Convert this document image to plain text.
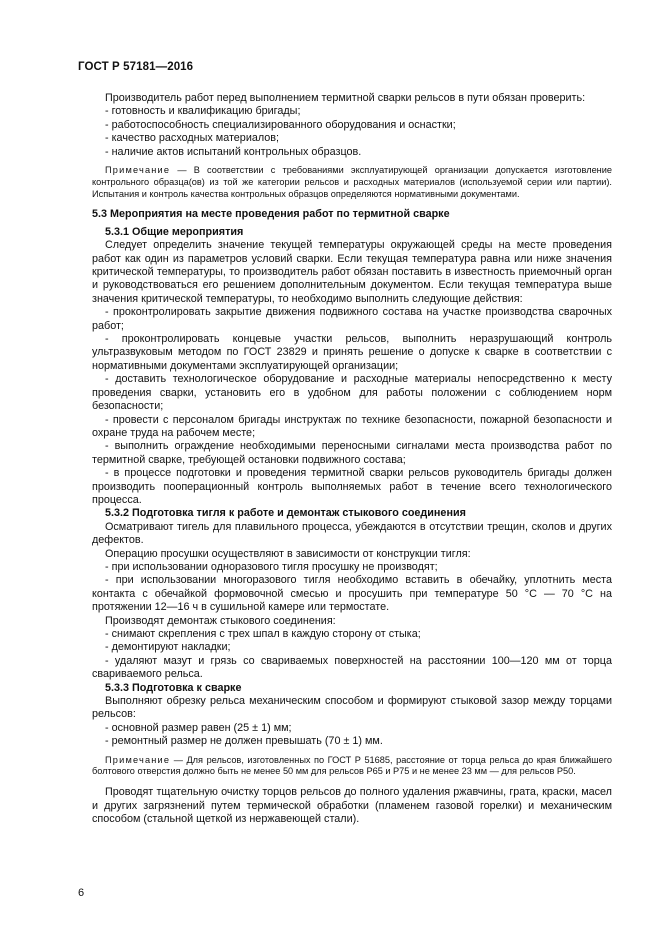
ГОСТ Р 57181—2016

Производитель работ перед выполнением термитной сварки рельсов в пути обязан проверить:

- готовность и квалификацию бригады;

- работоспособность специализированного оборудования и оснастки;

- качество расходных материалов;

- наличие актов испытаний контрольных образцов.

Примечание — В соответствии с требованиями эксплуатирующей организации допускается изготовление контрольного образца(ов) из той же категории рельсов и расходных материалов (используемой серии или партии). Испытания и контроль качества контрольных образцов определяются нормативными документами.

5.3 Мероприятия на месте проведения работ по термитной сварке

5.3.1 Общие мероприятия

Следует определить значение текущей температуры окружающей среды на месте проведения работ как один из параметров условий сварки. Если текущая температура равна или ниже значения критической температуры, то производитель работ обязан поставить в известность приемочный орган и руководствоваться его решением дополнительным документом. Если текущая температура выше значения критической температуры, то необходимо выполнить следующие действия:

- проконтролировать закрытие движения подвижного состава на участке производства сварочных работ;

- проконтролировать концевые участки рельсов, выполнить неразрушающий контроль ультразвуковым методом по ГОСТ 23829 и принять решение о допуске к сварке в соответствии с нормативными документами эксплуатирующей организации;

- доставить технологическое оборудование и расходные материалы непосредственно к месту проведения сварки, установить его в удобном для работы положении с соблюдением норм безопасности;

- провести с персоналом бригады инструктаж по технике безопасности, пожарной безопасности и охране труда на рабочем месте;

- выполнить ограждение необходимыми переносными сигналами места производства работ по термитной сварке, требующей остановки подвижного состава;

- в процессе подготовки и проведения термитной сварки рельсов руководитель бригады должен производить пооперационный контроль выполняемых работ в течение всего технологического процесса.

5.3.2 Подготовка тигля к работе и демонтаж стыкового соединения

Осматривают тигель для плавильного процесса, убеждаются в отсутствии трещин, сколов и других дефектов.

Операцию просушки осуществляют в зависимости от конструкции тигля:

- при использовании одноразового тигля просушку не производят;

- при использовании многоразового тигля необходимо вставить в обечайку, уплотнить места контакта с обечайкой формовочной смесью и просушить при температуре 50 °С — 70 °С на протяжении 12—16 ч в сушильной камере или термостате.

Производят демонтаж стыкового соединения:

- снимают скрепления с трех шпал в каждую сторону от стыка;

- демонтируют накладки;

- удаляют мазут и грязь со свариваемых поверхностей на расстоянии 100—120 мм от торца свариваемого рельса.

5.3.3 Подготовка к сварке

Выполняют обрезку рельса механическим способом и формируют стыковой зазор между торцами рельсов:

- основной размер равен (25 ± 1) мм;

- ремонтный размер не должен превышать (70 ± 1) мм.

Примечание — Для рельсов, изготовленных по ГОСТ Р 51685, расстояние от торца рельса до края ближайшего болтового отверстия должно быть не менее 50 мм для рельсов Р65 и Р75 и не менее 23 мм — для рельсов Р50.

Проводят тщательную очистку торцов рельсов до полного удаления ржавчины, грата, краски, масел и других загрязнений путем термической обработки (пламенем газовой горелки) и механическим способом (стальной щеткой из нержавеющей стали).

6
